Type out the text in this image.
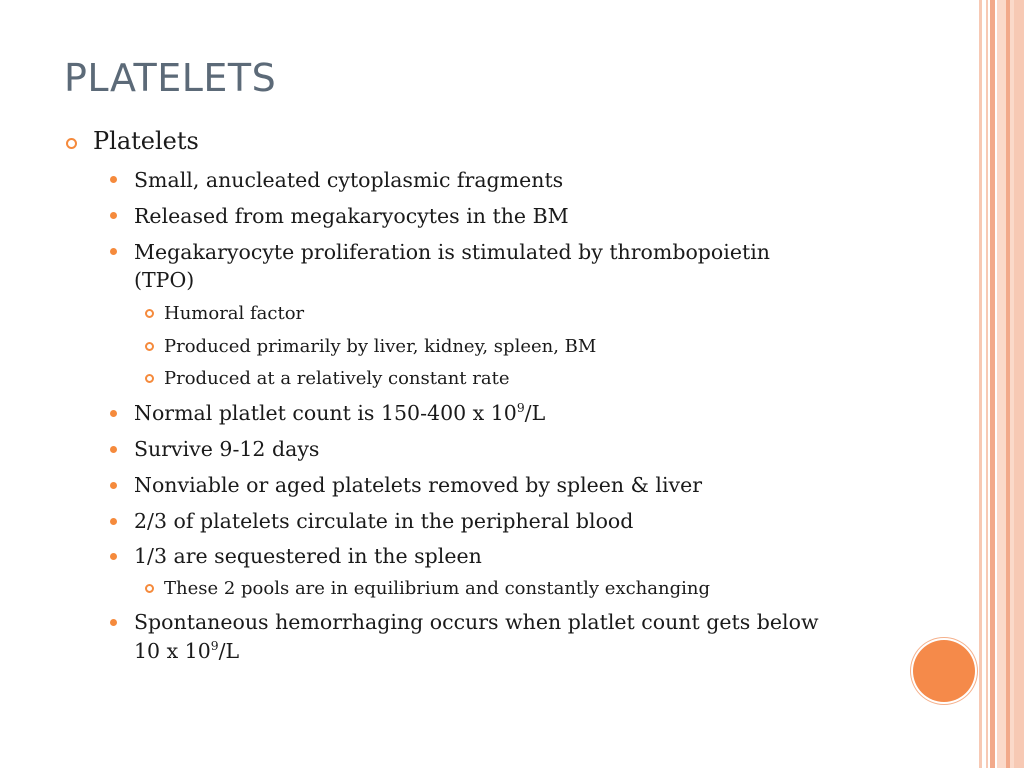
PLATELETS
Platelets
Small, anucleated cytoplasmic fragments
Released from megakaryocytes in the BM
Megakaryocyte proliferation is stimulated by thrombopoietin
(TPO)
Humoral factor
Produced primarily by liver, kidney, spleen, BM
Produced at a relatively constant rate
Normal platlet count is 150-400 x $10^9/L$
Survive 9-12 days
Nonviable or aged platelets removed by spleen & liver
2/3 of platelets circulate in the peripheral blood
1/3 are sequestered in the spleen
These 2 pools are in equilibrium and constantly exchanging
Spontaneous hemorrhaging occurs when platlet count gets below
10 x $10^9/L$
